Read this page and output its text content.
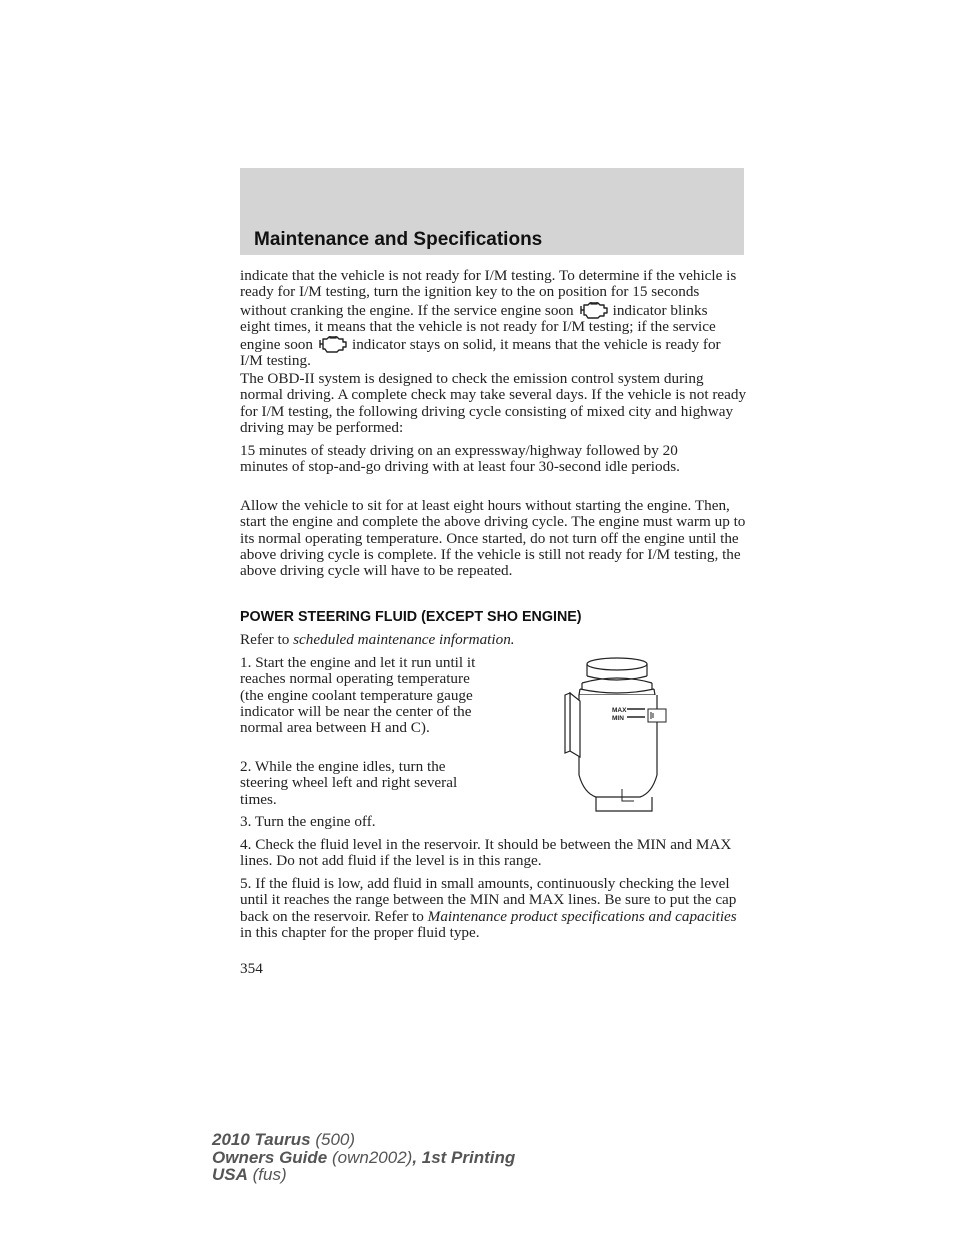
Maintenance and Specifications

indicate that the vehicle is not ready for I/M testing. To determine if the vehicle is ready for I/M testing, turn the ignition key to the on position for 15 seconds without cranking the engine. If the service engine soon	indicator blinks eight times, it means that the vehicle is not ready for I/M testing; if the service engine soon	indicator stays on solid, it means that the vehicle is ready for I/M testing.

The OBD-II system is designed to check the emission control system during normal driving. A complete check may take several days. If the vehicle is not ready for I/M testing, the following driving cycle consisting of mixed city and highway driving may be performed:

15 minutes of steady driving on an expressway/highway followed by 20 minutes of stop-and-go driving with at least four 30-second idle periods.

Allow the vehicle to sit for at least eight hours without starting the engine. Then, start the engine and complete the above driving cycle. The engine must warm up to its normal operating temperature. Once started, do not turn off the engine until the above driving cycle is complete. If the vehicle is still not ready for I/M testing, the above driving cycle will have to be repeated.

POWER STEERING FLUID (EXCEPT SHO ENGINE)

Refer to scheduled maintenance information.

1. Start the engine and let it run until it reaches normal operating temperature (the engine coolant temperature gauge indicator will be near the center of the normal area between H and C).

2. While the engine idles, turn the steering wheel left and right several times.

3. Turn the engine off.

4. Check the fluid level in the reservoir. It should be between the MIN and MAX lines. Do not add fluid if the level is in this range.

5. If the fluid is low, add fluid in small amounts, continuously checking the level until it reaches the range between the MIN and MAX lines. Be sure to put the cap back on the reservoir. Refer to Maintenance product specifications and capacities in this chapter for the proper fluid type.

354
MAX
MIN
2010 Taurus (500)
Owners Guide (own2002), 1st Printing
USA (fus)
